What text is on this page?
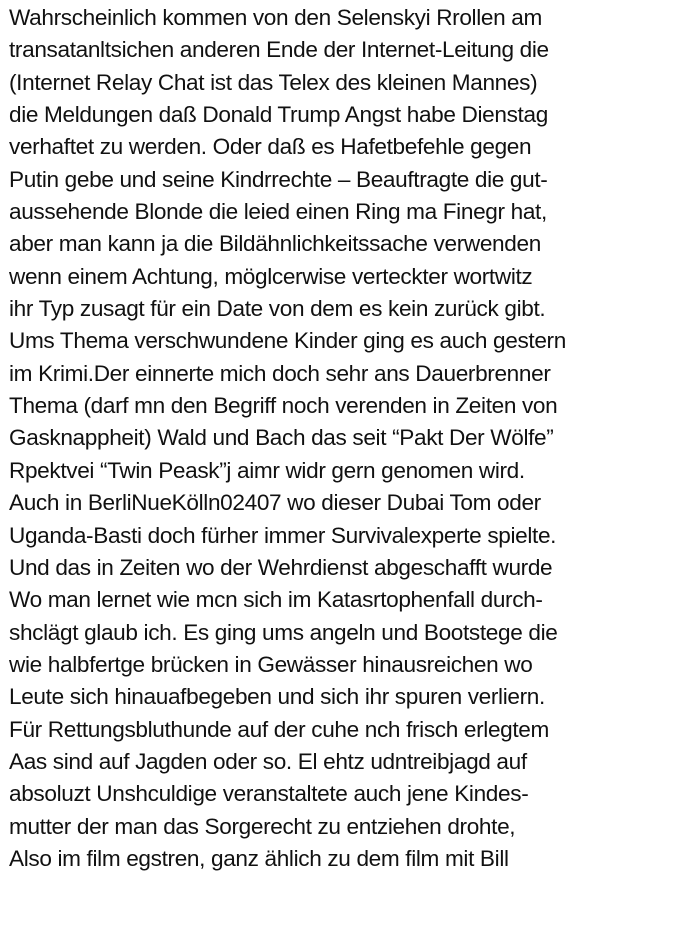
Wahrscheinlich kommen von den Selenskyi Rrollen am
transatanltsichen anderen Ende der Internet-Leitung die
(Internet Relay Chat ist das Telex des kleinen Mannes)
die Meldungen daß Donald Trump Angst habe Dienstag
verhaftet zu werden. Oder daß es Hafetbefehle gegen
Putin gebe und seine Kindrrechte – Beauftragte die gut-
aussehende Blonde die leied einen Ring ma Finegr hat,
aber man kann ja die Bildähnlichkeitssache verwenden
wenn einem Achtung, möglcerwise verteckter wortwitz
ihr Typ zusagt für ein Date von dem es kein zurück gibt.
Ums Thema verschwundene Kinder ging es auch gestern
im Krimi.Der einnerte mich doch sehr ans Dauerbrenner
Thema (darf mn den Begriff noch verenden in Zeiten von
Gasknappheit) Wald und Bach das seit “Pakt Der Wölfe”
Rpektvei “Twin Peask”j aimr widr gern genomen wird.
Auch in BerliNueKölln02407 wo dieser Dubai Tom oder
Uganda-Basti doch fürher immer Survivalexperte spielte.
Und das in Zeiten wo der Wehrdienst abgeschafft wurde
Wo man lernet wie mcn sich im Katasrtophenfall durch-
shclägt glaub ich. Es ging ums angeln und Bootstege die
wie halbfertge brücken in Gewässer hinausreichen wo
Leute sich hinauafbegeben und sich ihr spuren verliern.
Für Rettungsbluthunde auf der cuhe nch frisch erlegtem
Aas sind auf Jagden oder so. El ehtz udntreibjagd auf
absoluzt Unshculdige veranstaltete auch jene Kindes-
mutter der man das Sorgerecht zu entziehen drohte,
Also im film egstren, ganz ählich zu dem film mit Bill
